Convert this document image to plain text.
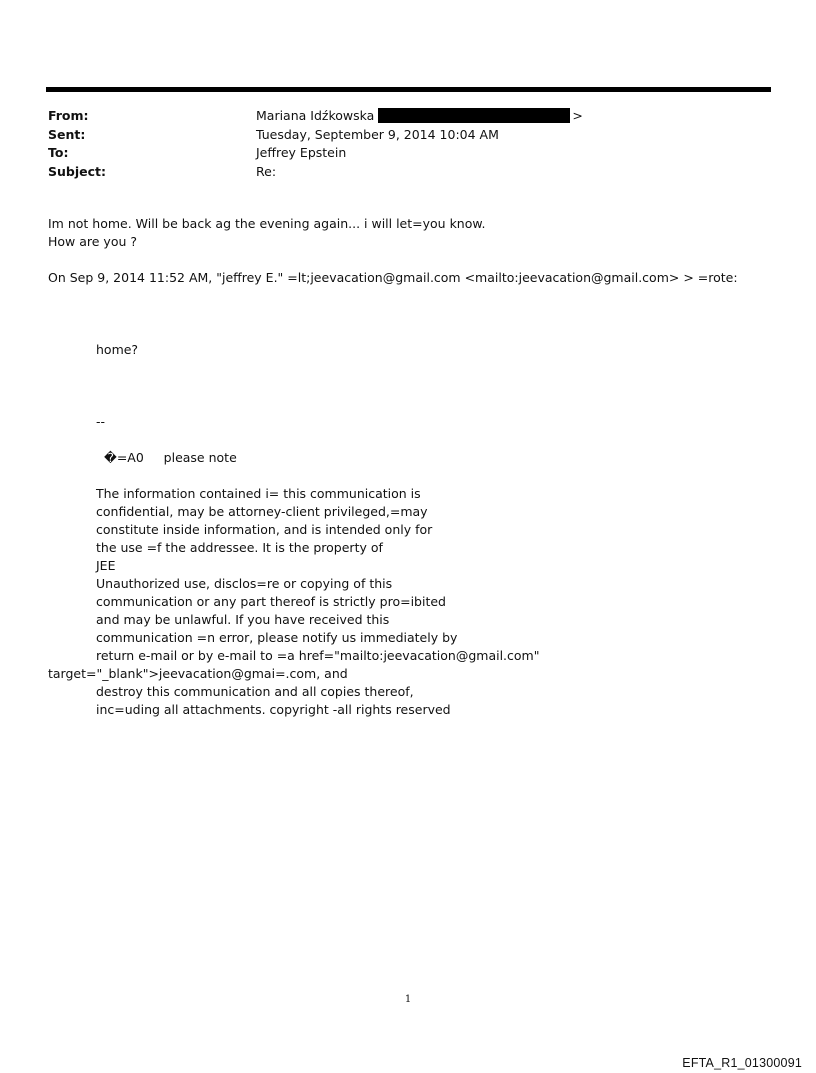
From:	Mariana Idźkowska	>
Sent:	Tuesday, September 9, 2014 10:04 AM
To:	Jeffrey Epstein
Subject:	Re:
Im not home. Will be back ag the evening again... i will let=you know.
How are you ?
On Sep 9, 2014 11:52 AM, "jeffrey E." =lt;jeevacation@gmail.com <mailto:jeevacation@gmail.com> > =rote:
home?
--
�=A0     please note
The information contained i= this communication is
confidential, may be attorney-client privileged,=may
constitute inside information, and is intended only for
the use =f the addressee. It is the property of
JEE
Unauthorized use, disclos=re or copying of this
communication or any part thereof is strictly pro=ibited
and may be unlawful. If you have received this
communication =n error, please notify us immediately by
return e-mail or by e-mail to =a href="mailto:jeevacation@gmail.com"
target="_blank">jeevacation@gmai=.com, and
destroy this communication and all copies thereof,
inc=uding all attachments. copyright -all rights reserved
1
EFTA_R1_01300091
